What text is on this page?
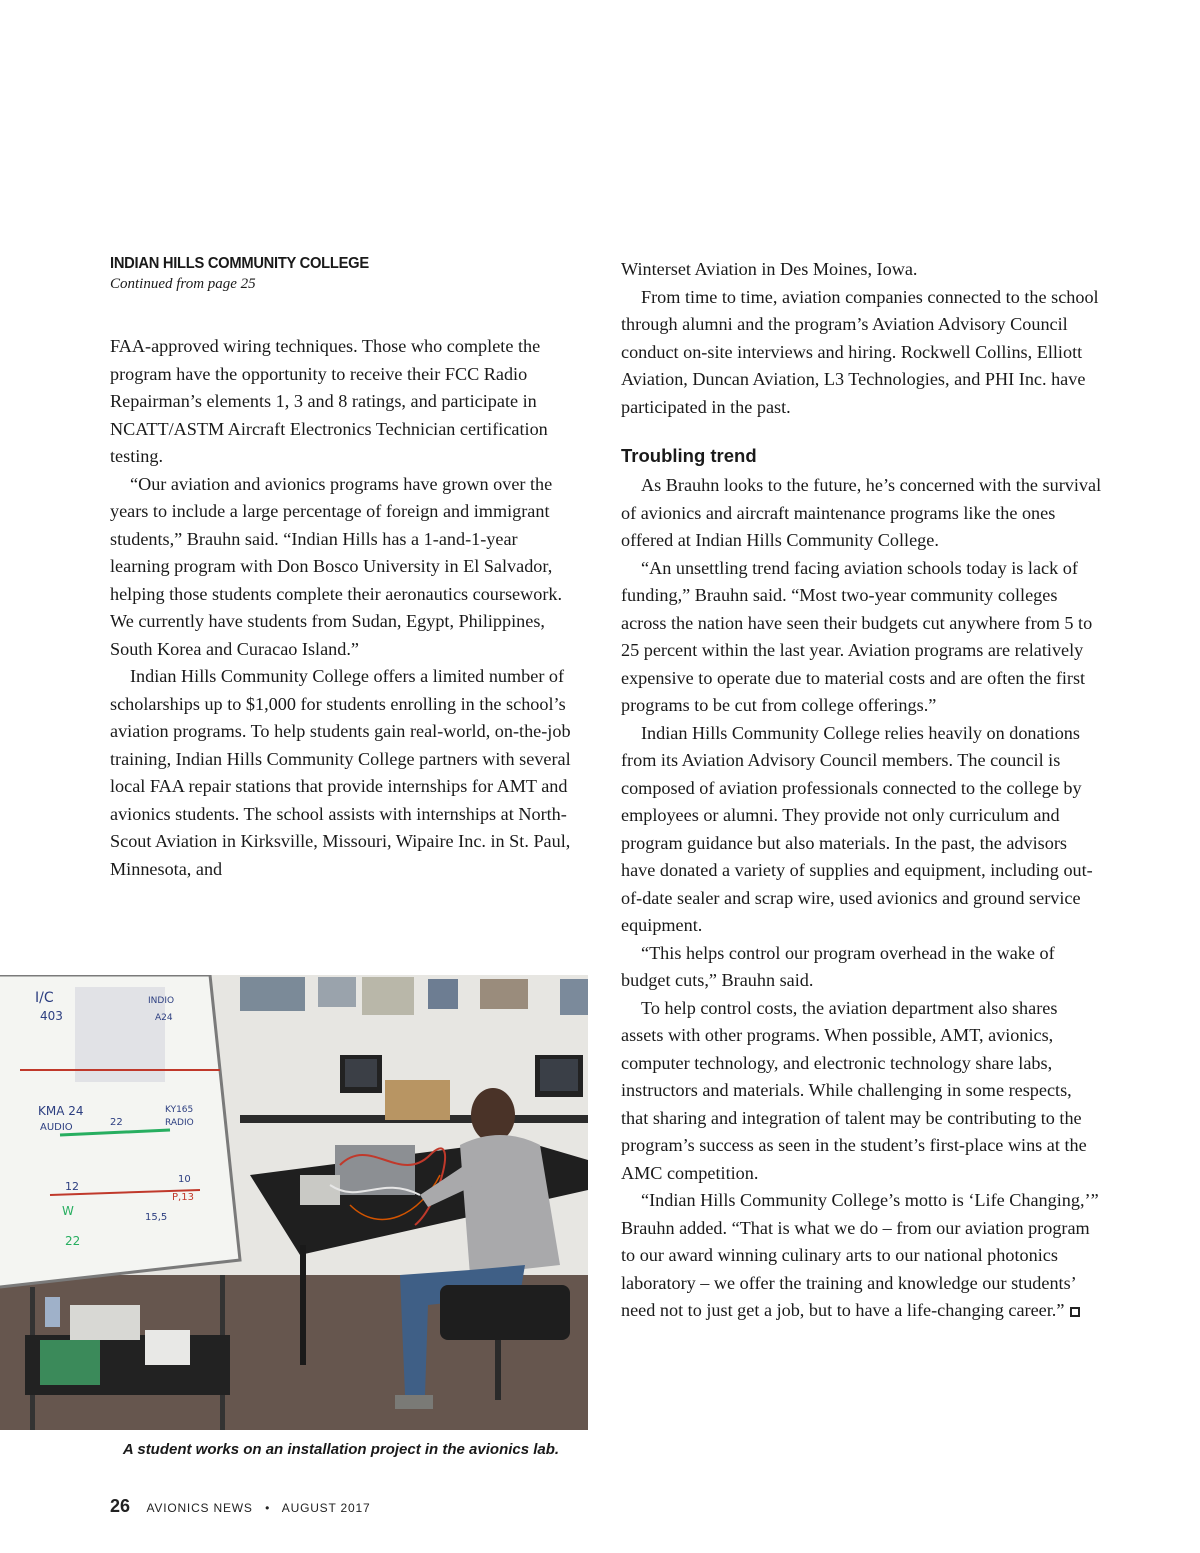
INDIAN HILLS COMMUNITY COLLEGE

Continued from page 25

FAA-approved wiring techniques. Those who complete the program have the opportunity to receive their FCC Radio Repairman’s elements 1, 3 and 8 ratings, and participate in NCATT/ASTM Aircraft Electronics Technician certification testing.

“Our aviation and avionics programs have grown over the years to include a large percentage of foreign and immigrant students,” Brauhn said. “Indian Hills has a 1-and-1-year learning program with Don Bosco University in El Salvador, helping those students complete their aeronautics coursework. We currently have students from Sudan, Egypt, Philippines, South Korea and Curacao Island.”

Indian Hills Community College offers a limited number of scholarships up to $1,000 for students enrolling in the school’s aviation programs. To help students gain real-world, on-the-job training, Indian Hills Community College partners with several local FAA repair stations that provide internships for AMT and avionics students. The school assists with internships at North-Scout Aviation in Kirksville, Missouri, Wipaire Inc. in St. Paul, Minnesota, and

Winterset Aviation in Des Moines, Iowa.

From time to time, aviation companies connected to the school through alumni and the program’s Aviation Advisory Council conduct on-site interviews and hiring. Rockwell Collins, Elliott Aviation, Duncan Aviation, L3 Technologies, and PHI Inc. have participated in the past.

Troubling trend

As Brauhn looks to the future, he’s concerned with the survival of avionics and aircraft maintenance programs like the ones offered at Indian Hills Community College.

“An unsettling trend facing aviation schools today is lack of funding,” Brauhn said. “Most two-year community colleges across the nation have seen their budgets cut anywhere from 5 to 25 percent within the last year. Aviation programs are relatively expensive to operate due to material costs and are often the first programs to be cut from college offerings.”

Indian Hills Community College relies heavily on donations from its Aviation Advisory Council members. The council is composed of aviation professionals connected to the college by employees or alumni. They provide not only curriculum and program guidance but also materials. In the past, the advisors have donated a variety of supplies and equipment, including out-of-date sealer and scrap wire, used avionics and ground service equipment.

“This helps control our program overhead in the wake of budget cuts,” Brauhn said.

To help control costs, the aviation department also shares assets with other programs. When possible, AMT, avionics, computer technology, and electronic technology share labs, instructors and materials. While challenging in some respects, that sharing and integration of talent may be contributing to the program’s success as seen in the student’s first-place wins at the AMC competition.

“Indian Hills Community College’s motto is ‘Life Changing,’” Brauhn added. “That is what we do – from our aviation program to our award winning culinary arts to our national photonics laboratory – we offer the training and knowledge our students’ need not to just get a job, but to have a life-changing career.”

I/C
403
INDIO
A24
KMA 24
AUDIO
KY165
RADIO
22
12
10
P,13
15,5
W
22
A student works on an installation project in the avionics lab.
26 AVIONICS NEWS • AUGUST 2017
